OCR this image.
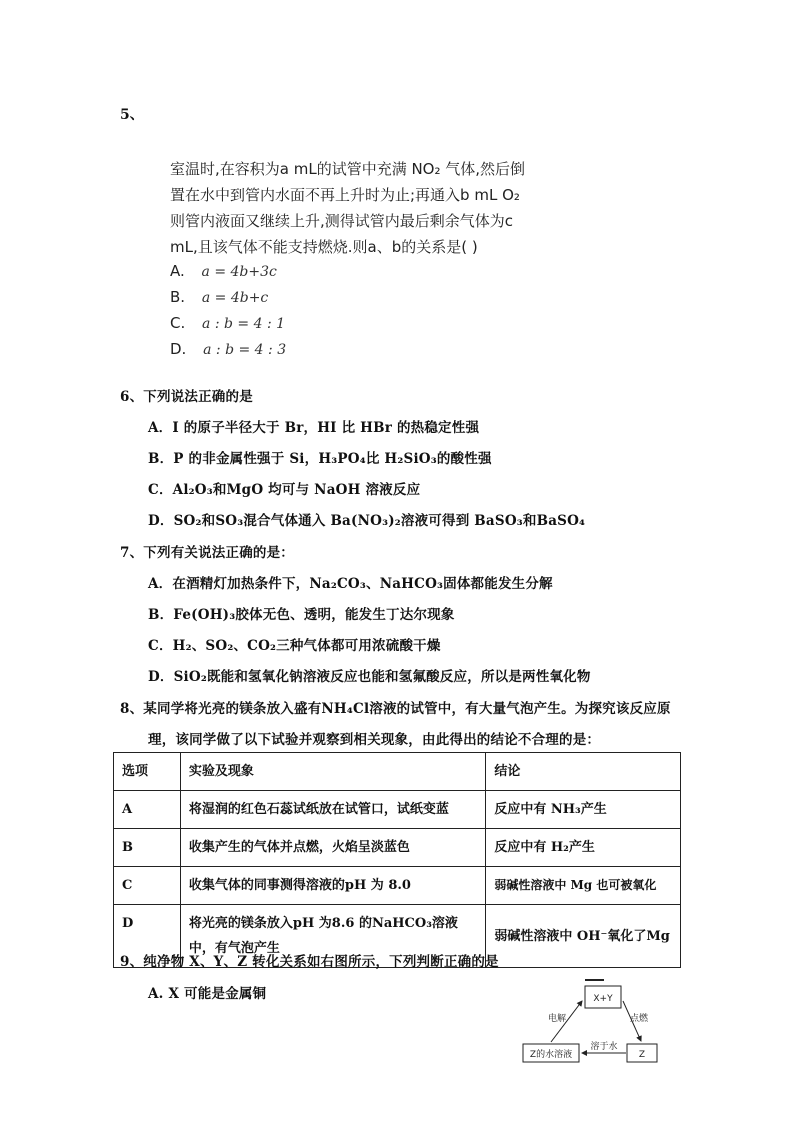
5、
室温时,在容积为a mL的试管中充满 NO₂ 气体,然后倒
置在水中到管内水面不再上升时为止;再通入b mL O₂
则管内液面又继续上升,测得试管内最后剩余气体为c
mL,且该气体不能支持燃烧.则a、b的关系是( )
A. a = 4b+3c
B. a = 4b+c
C. a : b = 4 : 1
D. a : b = 4 : 3
6、下列说法正确的是
A．I 的原子半径大于 Br，HI 比 HBr 的热稳定性强
B．P 的非金属性强于 Si，H₃PO₄比 H₂SiO₃的酸性强
C．Al₂O₃和MgO 均可与 NaOH 溶液反应
D．SO₂和SO₃混合气体通入 Ba(NO₃)₂溶液可得到 BaSO₃和BaSO₄
7、下列有关说法正确的是：
A．在酒精灯加热条件下，Na₂CO₃、NaHCO₃固体都能发生分解
B．Fe(OH)₃胶体无色、透明，能发生丁达尔现象
C．H₂、SO₂、CO₂三种气体都可用浓硫酸干燥
D．SiO₂既能和氢氧化钠溶液反应也能和氢氟酸反应，所以是两性氧化物
8、某同学将光亮的镁条放入盛有NH₄Cl溶液的试管中，有大量气泡产生。为探究该反应原
理，该同学做了以下试验并观察到相关现象，由此得出的结论不合理的是：
选项	实验及现象	结论
A	将湿润的红色石蕊试纸放在试管口，试纸变蓝	反应中有 NH₃产生
B	收集产生的气体并点燃，火焰呈淡蓝色	反应中有 H₂产生
C	收集气体的同事测得溶液的pH 为 8.0	弱碱性溶液中 Mg 也可被氧化
D	将光亮的镁条放入pH 为8.6 的NaHCO₃溶液中，有气泡产生	弱碱性溶液中 OH⁻氧化了Mg
9、纯净物 X、Y、Z 转化关系如右图所示，下列判断正确的是
A. X 可能是金属铜	X+Y
Z的水溶液	Z
电解	点燃
溶于水
